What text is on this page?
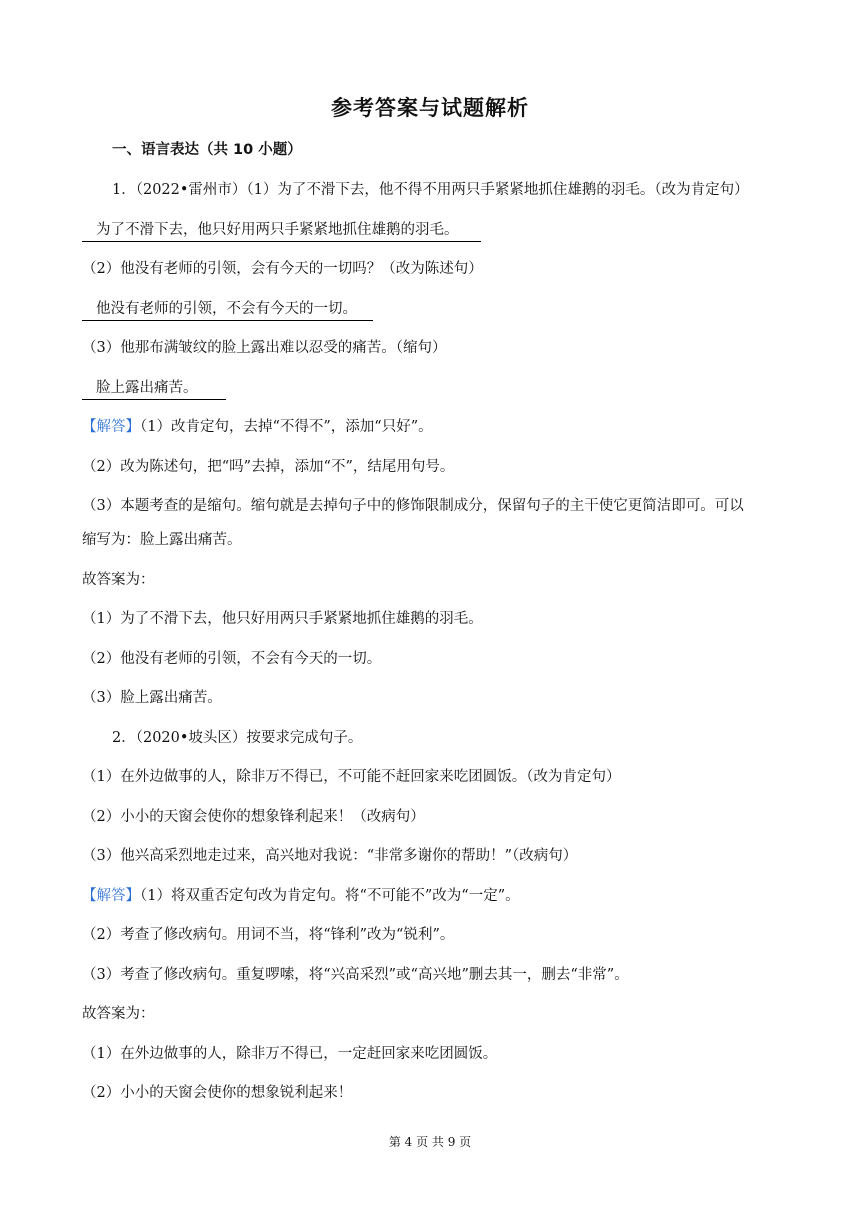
参考答案与试题解析
一、语言表达（共 10 小题）
1．（2022•雷州市）（1）为了不滑下去，他不得不用两只手紧紧地抓住雄鹅的羽毛。（改为肯定句）
为了不滑下去，他只好用两只手紧紧地抓住雄鹅的羽毛。
（2）他没有老师的引领，会有今天的一切吗？（改为陈述句）
他没有老师的引领，不会有今天的一切。
（3）他那布满皱纹的脸上露出难以忍受的痛苦。（缩句）
脸上露出痛苦。
【解答】（1）改肯定句，去掉“不得不”，添加“只好”。
（2）改为陈述句，把“吗”去掉，添加“不”，结尾用句号。
（3）本题考查的是缩句。缩句就是去掉句子中的修饰限制成分，保留句子的主干使它更简洁即可。可以
缩写为：脸上露出痛苦。
故答案为：
（1）为了不滑下去，他只好用两只手紧紧地抓住雄鹅的羽毛。
（2）他没有老师的引领，不会有今天的一切。
（3）脸上露出痛苦。
2．（2020•坡头区）按要求完成句子。
（1）在外边做事的人，除非万不得已，不可能不赶回家来吃团圆饭。（改为肯定句）
（2）小小的天窗会使你的想象锋利起来！（改病句）
（3）他兴高采烈地走过来，高兴地对我说：“非常多谢你的帮助！”（改病句）
【解答】（1）将双重否定句改为肯定句。将“不可能不”改为“一定”。
（2）考查了修改病句。用词不当，将“锋利”改为“锐利”。
（3）考查了修改病句。重复啰嗦，将“兴高采烈”或“高兴地”删去其一，删去“非常”。
故答案为：
（1）在外边做事的人，除非万不得已，一定赶回家来吃团圆饭。
（2）小小的天窗会使你的想象锐利起来！
第 4 页 共 9 页
